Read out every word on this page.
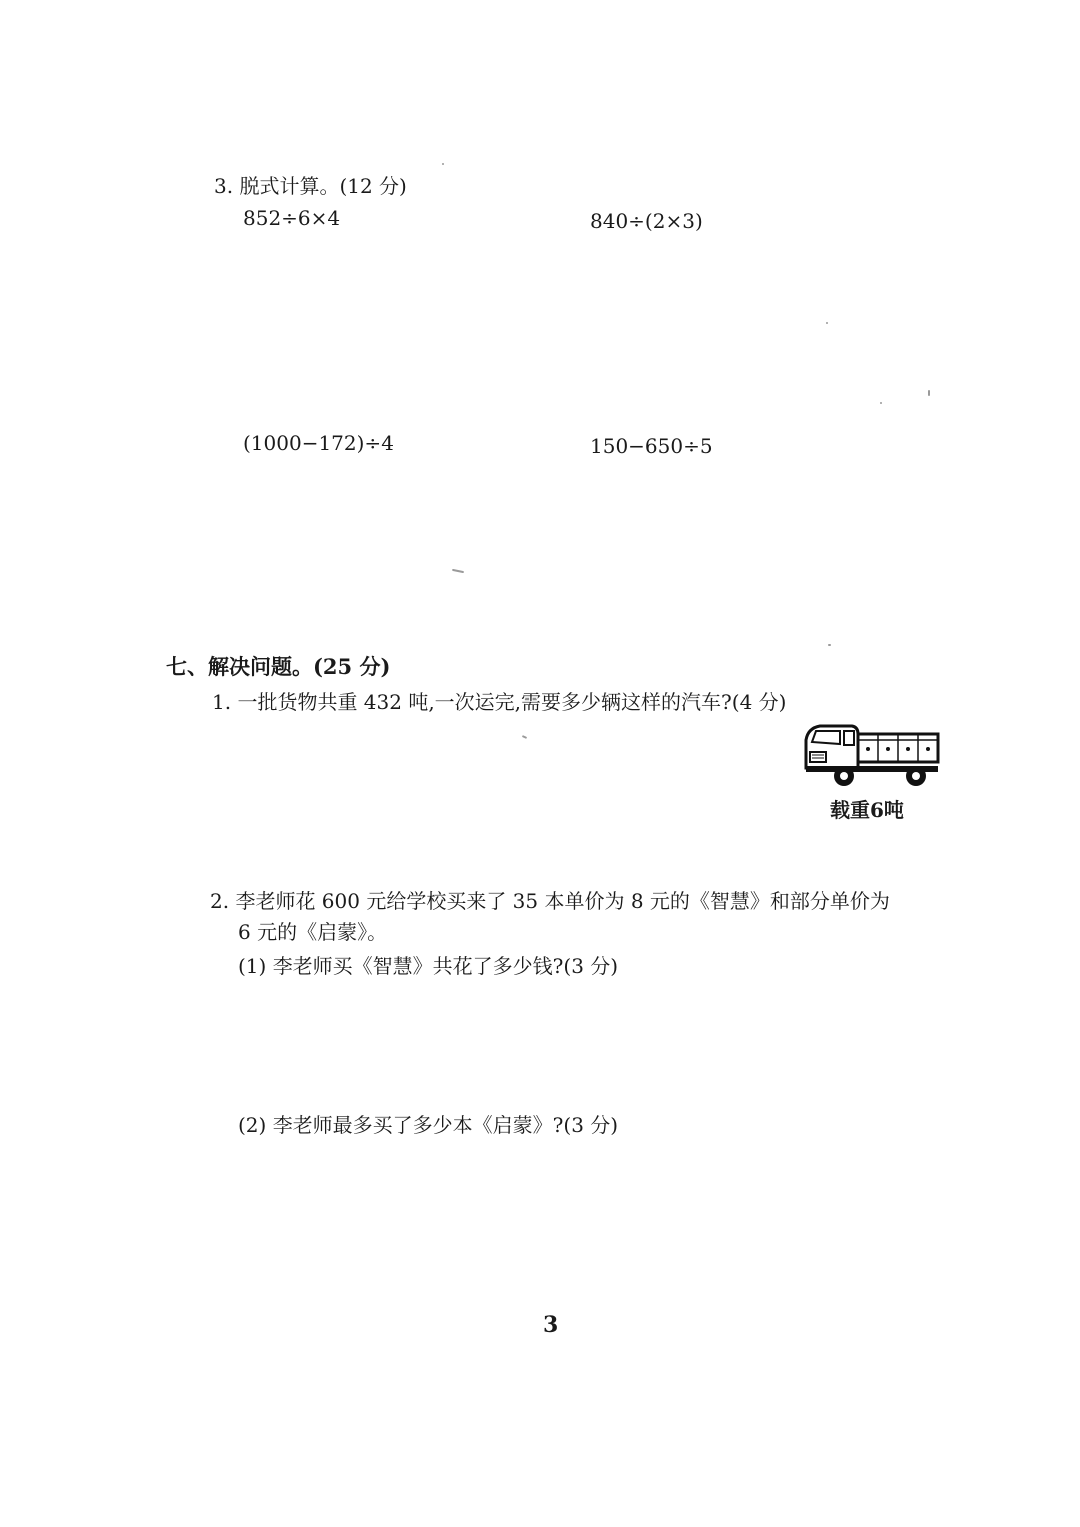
3. 脱式计算。(12 分)
852÷6×4	840÷(2×3)
(1000−172)÷4	150−650÷5
七、解决问题。(25 分)
1. 一批货物共重 432 吨,一次运完,需要多少辆这样的汽车?(4 分)
载重6吨
2. 李老师花 600 元给学校买来了 35 本单价为 8 元的《智慧》和部分单价为
6 元的《启蒙》。
(1) 李老师买《智慧》共花了多少钱?(3 分)
(2) 李老师最多买了多少本《启蒙》?(3 分)
3
